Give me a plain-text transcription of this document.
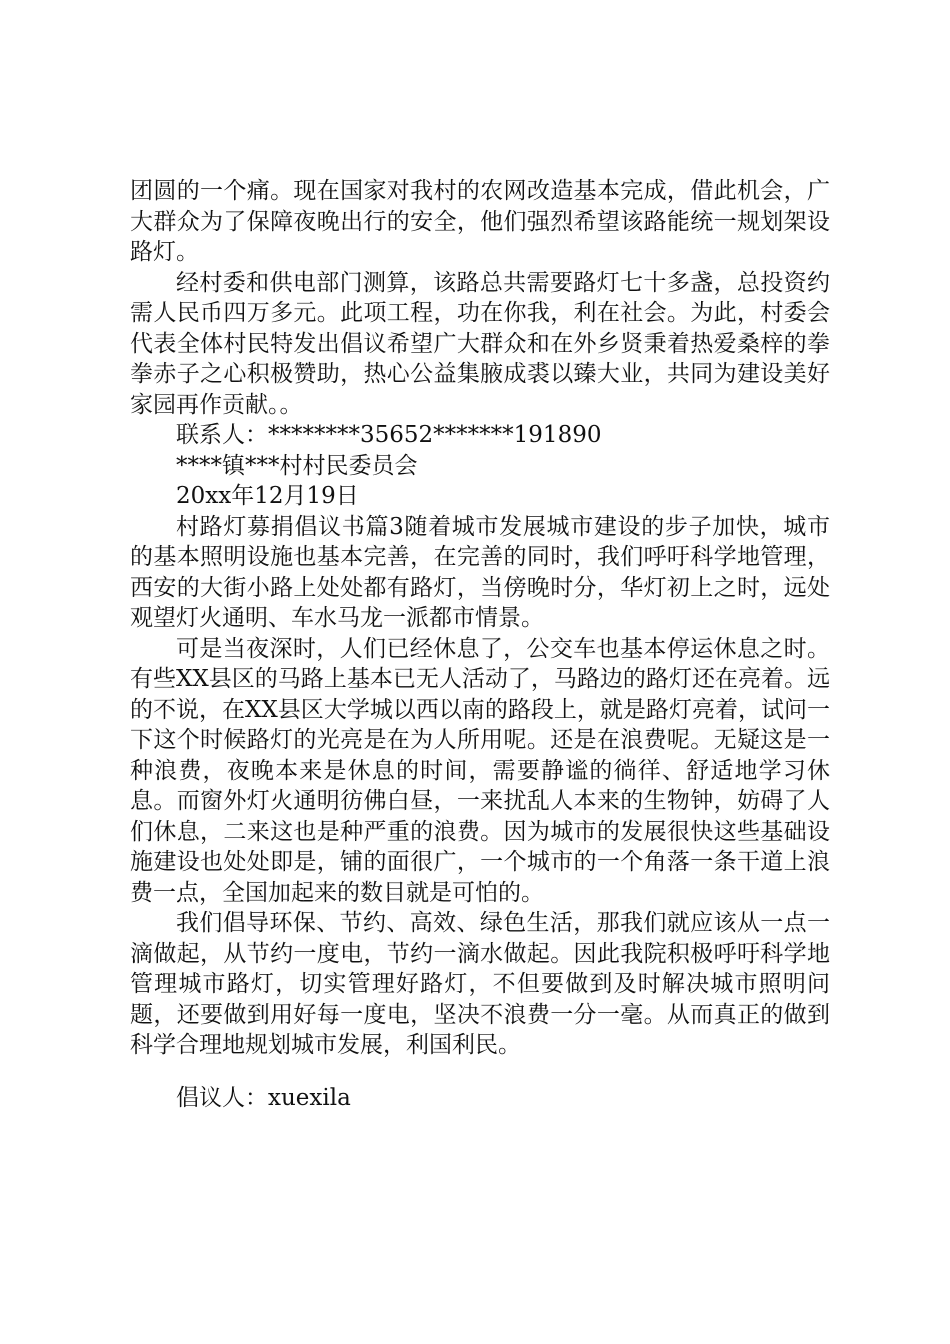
团圆的一个痛。现在国家对我村的农网改造基本完成，借此机会，广大群众为了保障夜晚出行的安全，他们强烈希望该路能统一规划架设路灯。

经村委和供电部门测算，该路总共需要路灯七十多盏，总投资约需人民币四万多元。此项工程，功在你我，利在社会。为此，村委会代表全体村民特发出倡议希望广大群众和在外乡贤秉着热爱桑梓的拳拳赤子之心积极赞助，热心公益集腋成裘以臻大业，共同为建设美好家园再作贡献。。

联系人：********35652*******191890

****镇***村村民委员会

20xx年12月19日

村路灯募捐倡议书篇3随着城市发展城市建设的步子加快，城市的基本照明设施也基本完善，在完善的同时，我们呼吁科学地管理，西安的大街小路上处处都有路灯，当傍晚时分，华灯初上之时，远处观望灯火通明、车水马龙一派都市情景。

可是当夜深时，人们已经休息了，公交车也基本停运休息之时。有些XX县区的马路上基本已无人活动了，马路边的路灯还在亮着。远的不说，在XX县区大学城以西以南的路段上，就是路灯亮着，试问一下这个时候路灯的光亮是在为人所用呢。还是在浪费呢。无疑这是一种浪费，夜晚本来是休息的时间，需要静谧的徜徉、舒适地学习休息。而窗外灯火通明彷佛白昼，一来扰乱人本来的生物钟，妨碍了人们休息，二来这也是种严重的浪费。因为城市的发展很快这些基础设施建设也处处即是，铺的面很广，一个城市的一个角落一条干道上浪费一点，全国加起来的数目就是可怕的。

我们倡导环保、节约、高效、绿色生活，那我们就应该从一点一滴做起，从节约一度电，节约一滴水做起。因此我院积极呼吁科学地管理城市路灯，切实管理好路灯，不但要做到及时解决城市照明问题，还要做到用好每一度电，坚决不浪费一分一毫。从而真正的做到科学合理地规划城市发展，利国利民。

倡议人：xuexila
